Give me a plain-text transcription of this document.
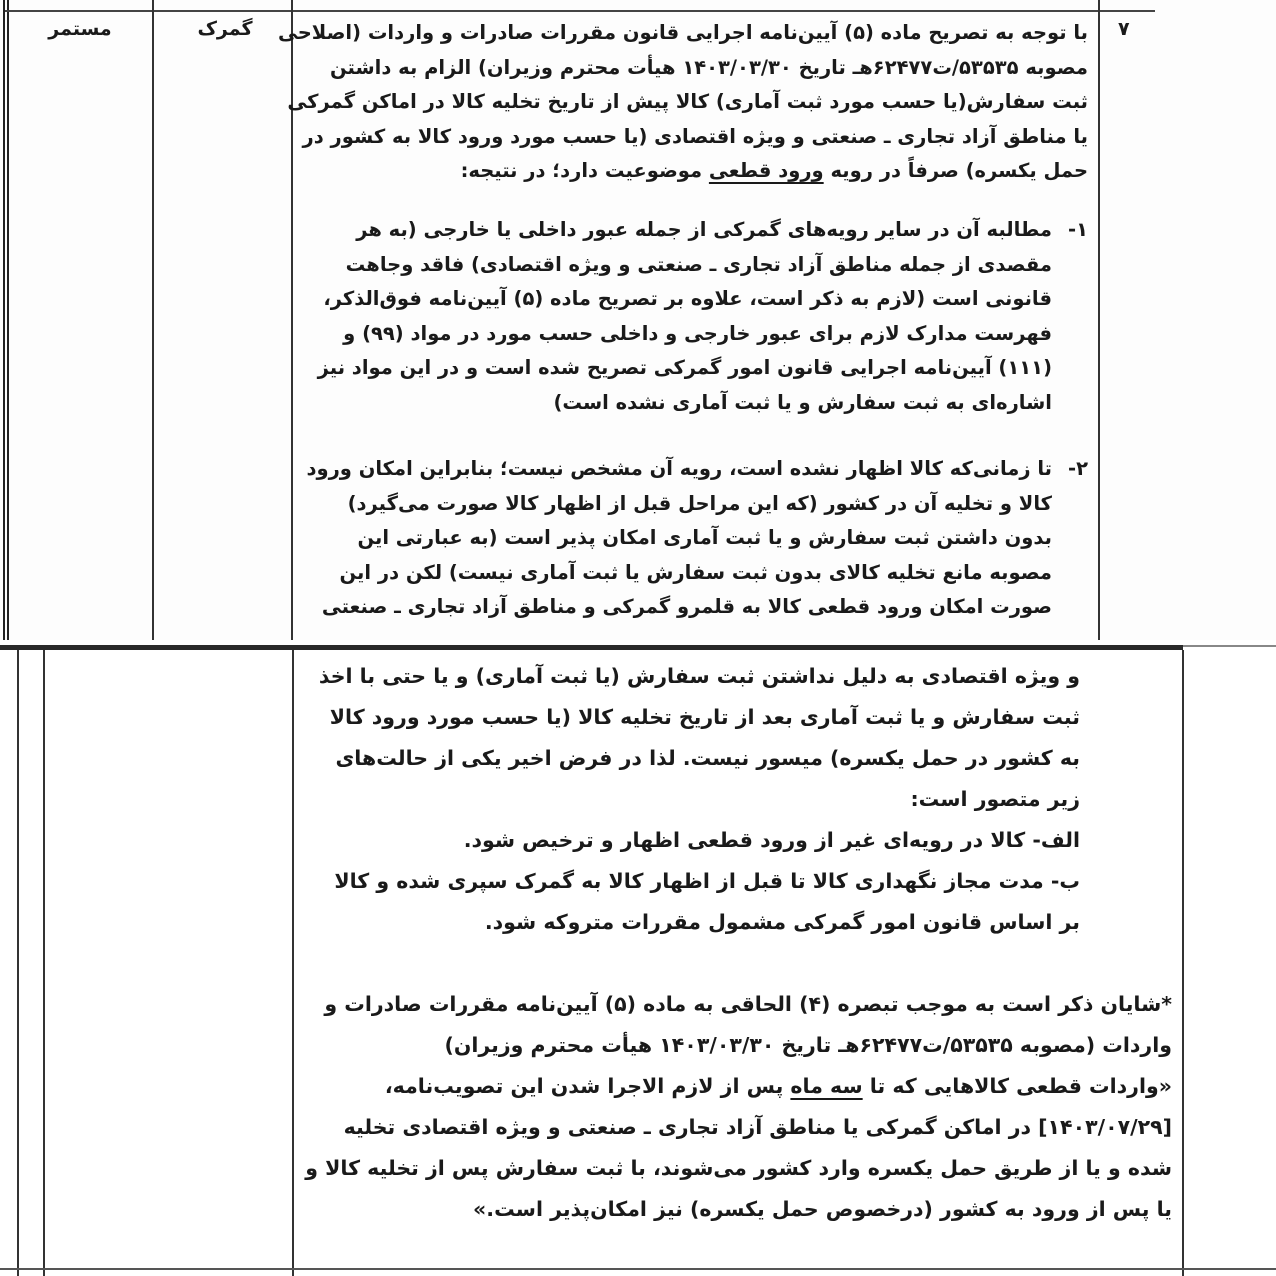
مستمر	گمرک	۷
با توجه به تصریح ماده (۵) آیین‌نامه اجرایی قانون مقررات صادرات و واردات (اصلاحی
مصوبه ۵۳۵۳۵/ت۶۲۴۷۷هـ تاریخ ۱۴۰۳/۰۳/۳۰ هیأت محترم وزیران) الزام به داشتن
ثبت سفارش(یا حسب مورد ثبت آماری) کالا پیش از تاریخ تخلیه کالا در اماکن گمرکی
یا مناطق آزاد تجاری ـ صنعتی و ویژه اقتصادی (یا حسب مورد ورود کالا به کشور در
حمل یکسره) صرفاً در رویه ورود قطعی موضوعیت دارد؛ در نتیجه:
۱-مطالبه آن در سایر رویه‌های گمرکی از جمله عبور داخلی یا خارجی (به هر
مقصدی از جمله مناطق آزاد تجاری ـ صنعتی و ویژه اقتصادی) فاقد وجاهت
قانونی است (لازم به ذکر است، علاوه بر تصریح ماده (۵) آیین‌نامه فوق‌الذکر،
فهرست مدارک لازم برای عبور خارجی و داخلی حسب مورد در مواد (۹۹) و
(۱۱۱) آیین‌نامه اجرایی قانون امور گمرکی تصریح شده است و در این مواد نیز
اشاره‌ای به ثبت سفارش و یا ثبت آماری نشده است)
۲-تا زمانی‌که کالا اظهار نشده است، رویه آن مشخص نیست؛ بنابراین امکان ورود
کالا و تخلیه آن در کشور (که این مراحل قبل از اظهار کالا صورت می‌گیرد)
بدون داشتن ثبت سفارش و یا ثبت آماری امکان پذیر است (به عبارتی این
مصوبه مانع تخلیه کالای بدون ثبت سفارش یا ثبت آماری نیست) لکن در این
صورت امکان ورود قطعی کالا به قلمرو گمرکی و مناطق آزاد تجاری ـ صنعتی
و ویژه اقتصادی به دلیل نداشتن ثبت سفارش (یا ثبت آماری) و یا حتی با اخذ
ثبت سفارش و یا ثبت آماری بعد از تاریخ تخلیه کالا (یا حسب مورد ورود کالا
به کشور در حمل یکسره) میسور نیست. لذا در فرض اخیر یکی از حالت‌های
زیر متصور است:
الف- کالا در رویه‌ای غیر از ورود قطعی اظهار و ترخیص شود.
ب- مدت مجاز نگهداری کالا تا قبل از اظهار کالا به گمرک سپری شده و کالا
بر اساس قانون امور گمرکی مشمول مقررات متروکه شود.
*شایان ذکر است به موجب تبصره (۴) الحاقی به ماده (۵) آیین‌نامه مقررات صادرات و
واردات (مصوبه ۵۳۵۳۵/ت۶۲۴۷۷هـ تاریخ ۱۴۰۳/۰۳/۳۰ هیأت محترم وزیران)
«واردات قطعی کالاهایی که تا سه ماه پس از لازم الاجرا شدن این تصویب‌نامه،
[۱۴۰۳/۰۷/۲۹] در اماکن گمرکی یا مناطق آزاد تجاری ـ صنعتی و ویژه اقتصادی تخلیه
شده و یا از طریق حمل یکسره وارد کشور می‌شوند، با ثبت سفارش پس از تخلیه کالا و
یا پس از ورود به کشور (درخصوص حمل یکسره) نیز امکان‌پذیر است.»
